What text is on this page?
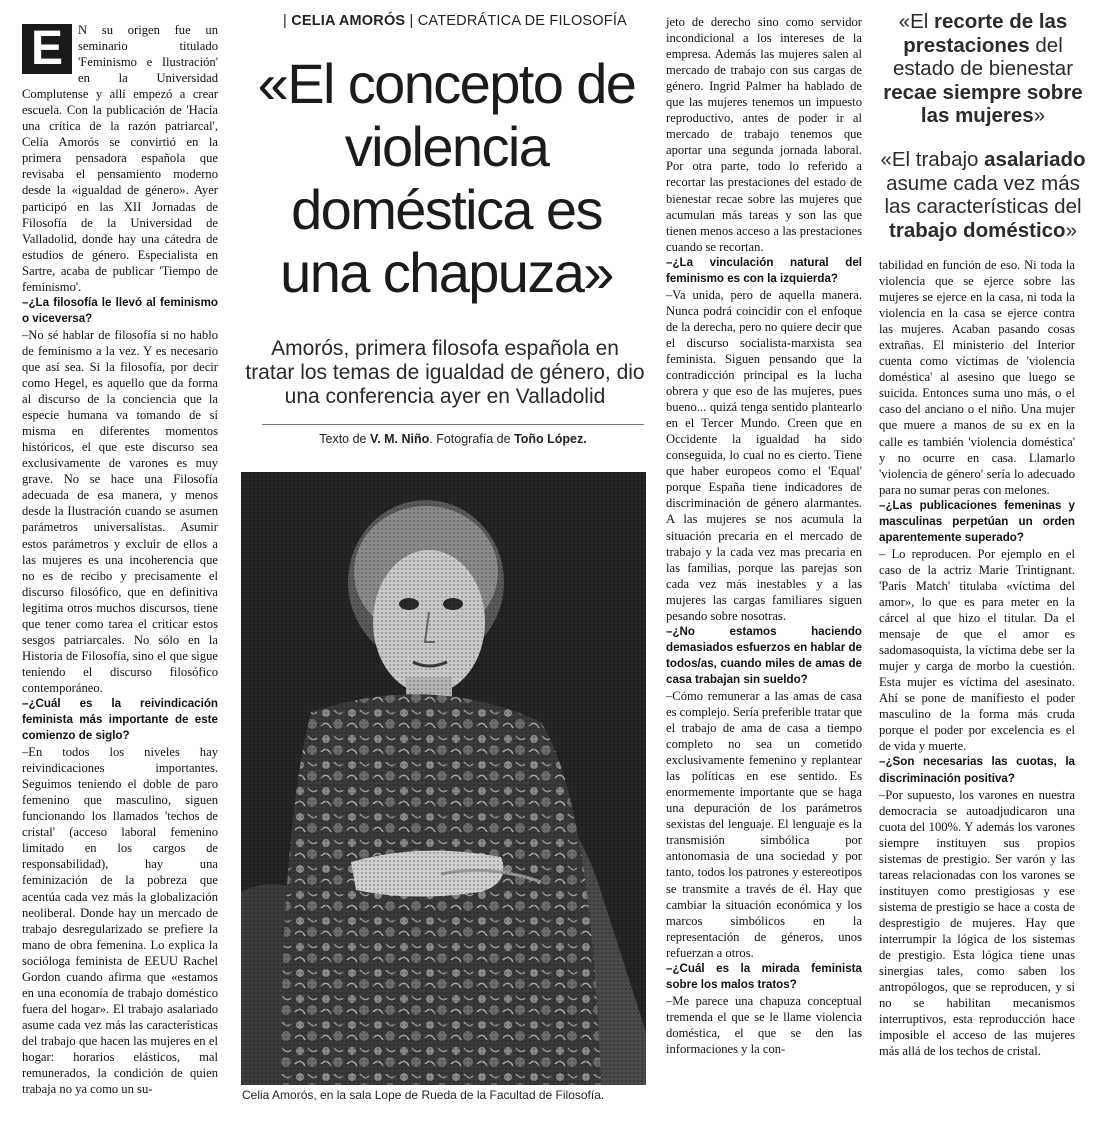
| CELIA AMORÓS | CATEDRÁTICA DE FILOSOFÍA
«El concepto de violencia doméstica es una chapuza»

Amorós, primera filosofa española en tratar los temas de igualdad de género, dio una conferencia ayer en Valladolid

Texto de V. M. Niño. Fotografía de Toño López.
Celia Amorós, en la sala Lope de Rueda de la Facultad de Filosofía.

E	N su origen fue un seminario titulado 'Feminismo e Ilustración' en la Universidad Complutense y allí empezó a crear escuela. Con la publicación de 'Hacia una crítica de la razón patriarcal', Celia Amorós se convirtió en la primera pensadora española que revisaba el pensamiento moderno desde la «igualdad de género». Ayer participó en las XII Jornadas de Filosofía de la Universidad de Valladolid, donde hay una cátedra de estudios de género. Especialista en Sartre, acaba de publicar 'Tiempo de feminismo'.

–¿La filosofía le llevó al feminismo o viceversa?

–No sé hablar de filosofía si no hablo de feminismo a la vez. Y es necesario que así sea. Si la filosofía, por decir como Hegel, es aquello que da forma al discurso de la conciencia que la especie humana va tomando de sí misma en diferentes momentos históricos, el que este discurso sea exclusivamente de varones es muy grave. No se hace una Filosofía adecuada de esa manera, y menos desde la Ilustración cuando se asumen parámetros universalistas. Asumir estos parámetros y excluir de ellos a las mujeres es una incoherencia que no es de recibo y precisamente el discurso filosófico, que en definitiva legitima otros muchos discursos, tiene que tener como tarea el criticar estos sesgos patriarcales. No sólo en la Historia de Filosofía, sino el que sigue teniendo el discurso filosófico contemporáneo.

–¿Cuál es la reivindicación feminista más importante de este comienzo de siglo?

–En todos los niveles hay reivindicaciones importantes. Seguimos teniendo el doble de paro femenino que masculino, siguen funcionando los llamados 'techos de cristal' (acceso laboral femenino limitado en los cargos de responsabilidad), hay una feminización de la pobreza que acentúa cada vez más la globalización neoliberal. Donde hay un mercado de trabajo desregularizado se prefiere la mano de obra femenina. Lo explica la socióloga feminista de EEUU Rachel Gordon cuando afirma que «estamos en una economía de trabajo doméstico fuera del hogar». El trabajo asalariado asume cada vez más las características del trabajo que hacen las mujeres en el hogar: horarios elásticos, mal remunerados, la condición de quien trabaja no ya como un su-

jeto de derecho sino como servidor incondicional a los intereses de la empresa. Además las mujeres salen al mercado de trabajo con sus cargas de género. Ingrid Palmer ha hablado de que las mujeres tenemos un impuesto reproductivo, antes de poder ir al mercado de trabajo tenemos que aportar una segunda jornada laboral. Por otra parte, todo lo referido a recortar las prestaciones del estado de bienestar recae sobre las mujeres que acumulan más tareas y son las que tienen menos acceso a las prestaciones cuando se recortan.

–¿La vinculación natural del feminismo es con la izquierda?

–Va unida, pero de aquella manera. Nunca podrá coincidir con el enfoque de la derecha, pero no quiere decir que el discurso socialista-marxista sea feminista. Siguen pensando que la contradicción principal es la lucha obrera y que eso de las mujeres, pues bueno... quizá tenga sentido plantearlo en el Tercer Mundo. Creen que en Occidente la igualdad ha sido conseguida, lo cual no es cierto. Tiene que haber europeos como el 'Equal' porque España tiene indicadores de discriminación de género alarmantes. A las mujeres se nos acumula la situación precaria en el mercado de trabajo y la cada vez mas precaria en las familias, porque las parejas son cada vez más inestables y a las mujeres las cargas familiares siguen pesando sobre nosotras.

–¿No estamos haciendo demasiados esfuerzos en hablar de todos/as, cuando miles de amas de casa trabajan sin sueldo?

–Cómo remunerar a las amas de casa es complejo. Sería preferible tratar que el trabajo de ama de casa a tiempo completo no sea un cometido exclusivamente femenino y replantear las políticas en ese sentido. Es enormemente importante que se haga una depuración de los parámetros sexistas del lenguaje. El lenguaje es la transmisión simbólica por antonomasia de una sociedad y por tanto, todos los patrones y estereotipos se transmite a través de él. Hay que cambiar la situación económica y los marcos simbólicos en la representación de géneros, unos refuerzan a otros.

–¿Cuál es la mirada feminista sobre los malos tratos?

–Me parece una chapuza conceptual tremenda el que se le llame violencia doméstica, el que se den las informaciones y la con-

«El recorte de las prestaciones del estado de bienestar recae siempre sobre las mujeres»

«El trabajo asalariado asume cada vez más las características del trabajo doméstico»

tabilidad en función de eso. Ni toda la violencia que se ejerce sobre las mujeres se ejerce en la casa, ni toda la violencia en la casa se ejerce contra las mujeres. Acaban pasando cosas extrañas. El ministerio del Interior cuenta como víctimas de 'violencia doméstica' al asesino que luego se suicida. Entonces suma uno más, o el caso del anciano o el niño. Una mujer que muere a manos de su ex en la calle es también 'violencia doméstica' y no ocurre en casa. Llamarlo 'violencia de género' sería lo adecuado para no sumar peras con melones.

–¿Las publicaciones femeninas y masculinas perpetúan un orden aparentemente superado?

– Lo reproducen. Por ejemplo en el caso de la actriz Marie Trintignant. 'Paris Match' titulaba «víctima del amor», lo que es para meter en la cárcel al que hizo el titular. Da el mensaje de que el amor es sadomasoquista, la víctima debe ser la mujer y carga de morbo la cuestión. Esta mujer es víctima del asesinato. Ahí se pone de manifiesto el poder masculino de la forma más cruda porque el poder por excelencia es el de vida y muerte.

–¿Son necesarias las cuotas, la discriminación positiva?

–Por supuesto, los varones en nuestra democracia se autoadjudicaron una cuota del 100%. Y además los varones siempre instituyen sus propios sistemas de prestigio. Ser varón y las tareas relacionadas con los varones se instituyen como prestigiosas y ese sistema de prestigio se hace a costa de desprestigio de mujeres. Hay que interrumpir la lógica de los sistemas de prestigio. Esta lógica tiene unas sinergias tales, como saben los antropólogos, que se reproducen, y si no se habilitan mecanismos interruptivos, esta reproducción hace imposible el acceso de las mujeres más allá de los techos de cristal.
